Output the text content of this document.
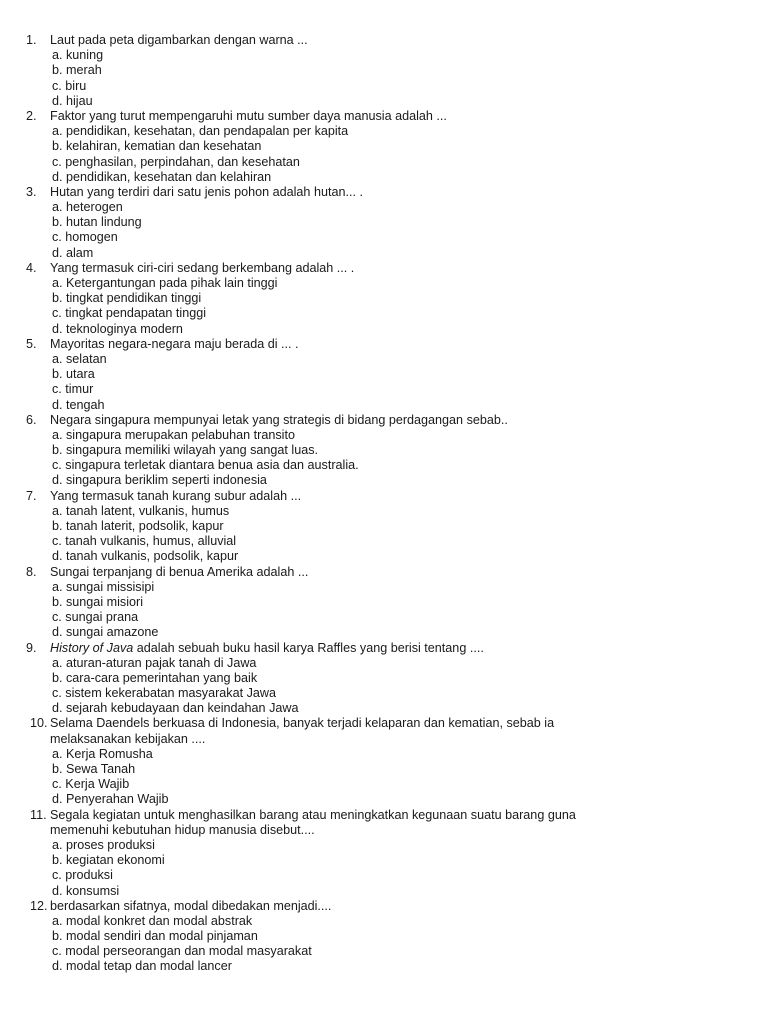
1. Laut pada peta digambarkan dengan warna ...
a. kuning
b. merah
c. biru
d. hijau
2. Faktor yang turut mempengaruhi mutu sumber daya manusia adalah ...
a. pendidikan, kesehatan, dan pendapalan per kapita
b. kelahiran, kematian dan kesehatan
c. penghasilan, perpindahan, dan kesehatan
d. pendidikan, kesehatan dan kelahiran
3. Hutan yang terdiri dari satu jenis pohon adalah hutan... .
a. heterogen
b. hutan lindung
c. homogen
d. alam
4. Yang termasuk ciri-ciri sedang berkembang adalah ... .
a. Ketergantungan pada pihak lain tinggi
b. tingkat pendidikan tinggi
c. tingkat pendapatan tinggi
d. teknologinya modern
5. Mayoritas negara-negara maju berada di ... .
a. selatan
b. utara
c. timur
d. tengah
6. Negara singapura mempunyai letak yang strategis di bidang perdagangan sebab..
a. singapura merupakan pelabuhan transito
b. singapura memiliki wilayah yang sangat luas.
c. singapura terletak diantara benua asia dan australia.
d. singapura beriklim seperti indonesia
7. Yang termasuk tanah kurang subur adalah ...
a. tanah latent, vulkanis, humus
b. tanah laterit, podsolik, kapur
c. tanah vulkanis, humus, alluvial
d. tanah vulkanis, podsolik, kapur
8. Sungai terpanjang di benua Amerika adalah ...
a. sungai missisipi
b. sungai misiori
c. sungai prana
d. sungai amazone
9. History of Java adalah sebuah buku hasil karya Raffles yang berisi tentang ....
a. aturan-aturan pajak tanah di Jawa
b. cara-cara pemerintahan yang baik
c. sistem kekerabatan masyarakat Jawa
d. sejarah kebudayaan dan keindahan Jawa
10. Selama Daendels berkuasa di Indonesia, banyak terjadi kelaparan dan kematian, sebab ia
melaksanakan kebijakan ....
a. Kerja Romusha
b. Sewa Tanah
c. Kerja Wajib
d. Penyerahan Wajib
11. Segala kegiatan untuk menghasilkan barang atau meningkatkan kegunaan suatu barang guna
memenuhi kebutuhan hidup manusia disebut....
a. proses produksi
b. kegiatan ekonomi
c. produksi
d. konsumsi
12. berdasarkan sifatnya, modal dibedakan menjadi....
a. modal konkret dan modal abstrak
b. modal sendiri dan modal pinjaman
c. modal perseorangan dan modal masyarakat
d. modal tetap dan modal lancer
